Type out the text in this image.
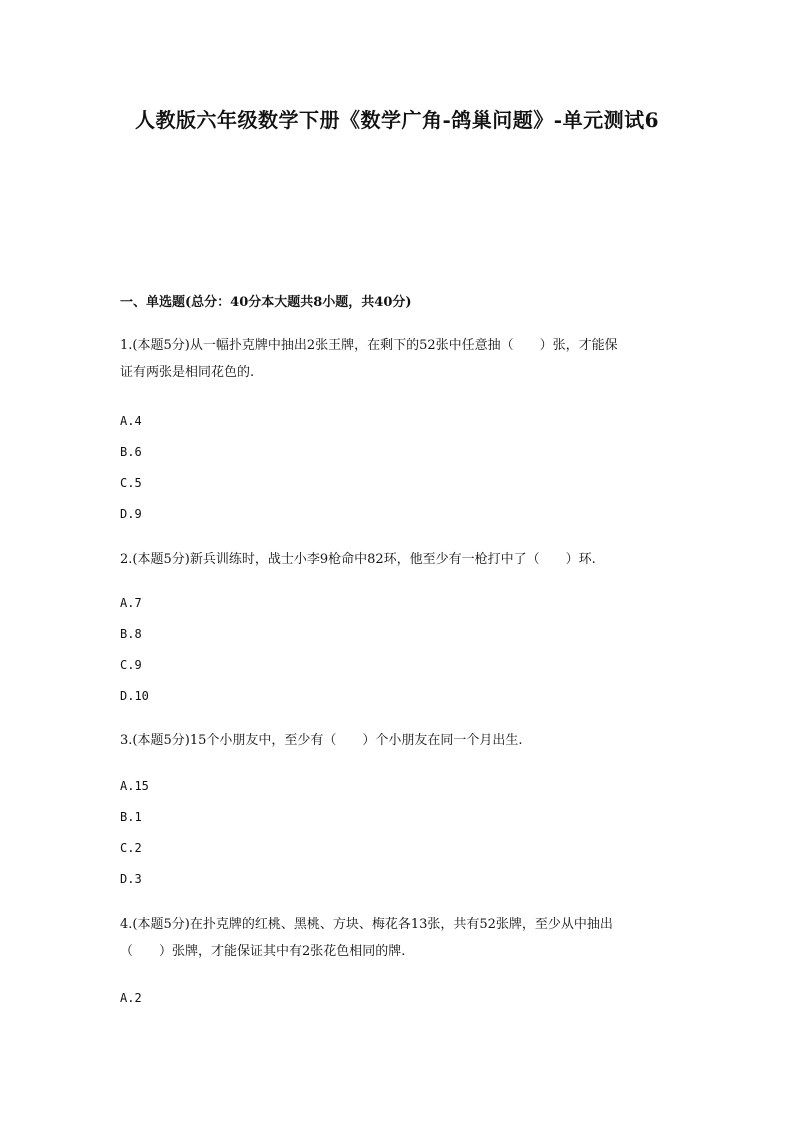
人教版六年级数学下册《数学广角-鸽巢问题》-单元测试6
一、单选题(总分：40分本大题共8小题，共40分)
1.(本题5分)从一幅扑克牌中抽出2张王牌，在剩下的52张中任意抽（　　）张，才能保
证有两张是相同花色的.
A.4
B.6
C.5
D.9
2.(本题5分)新兵训练时，战士小李9枪命中82环，他至少有一枪打中了（　　）环.
A.7
B.8
C.9
D.10
3.(本题5分)15个小朋友中，至少有（　　）个小朋友在同一个月出生.
A.15
B.1
C.2
D.3
4.(本题5分)在扑克牌的红桃、黑桃、方块、梅花各13张，共有52张牌，至少从中抽出
（　　）张牌，才能保证其中有2张花色相同的牌.
A.2
